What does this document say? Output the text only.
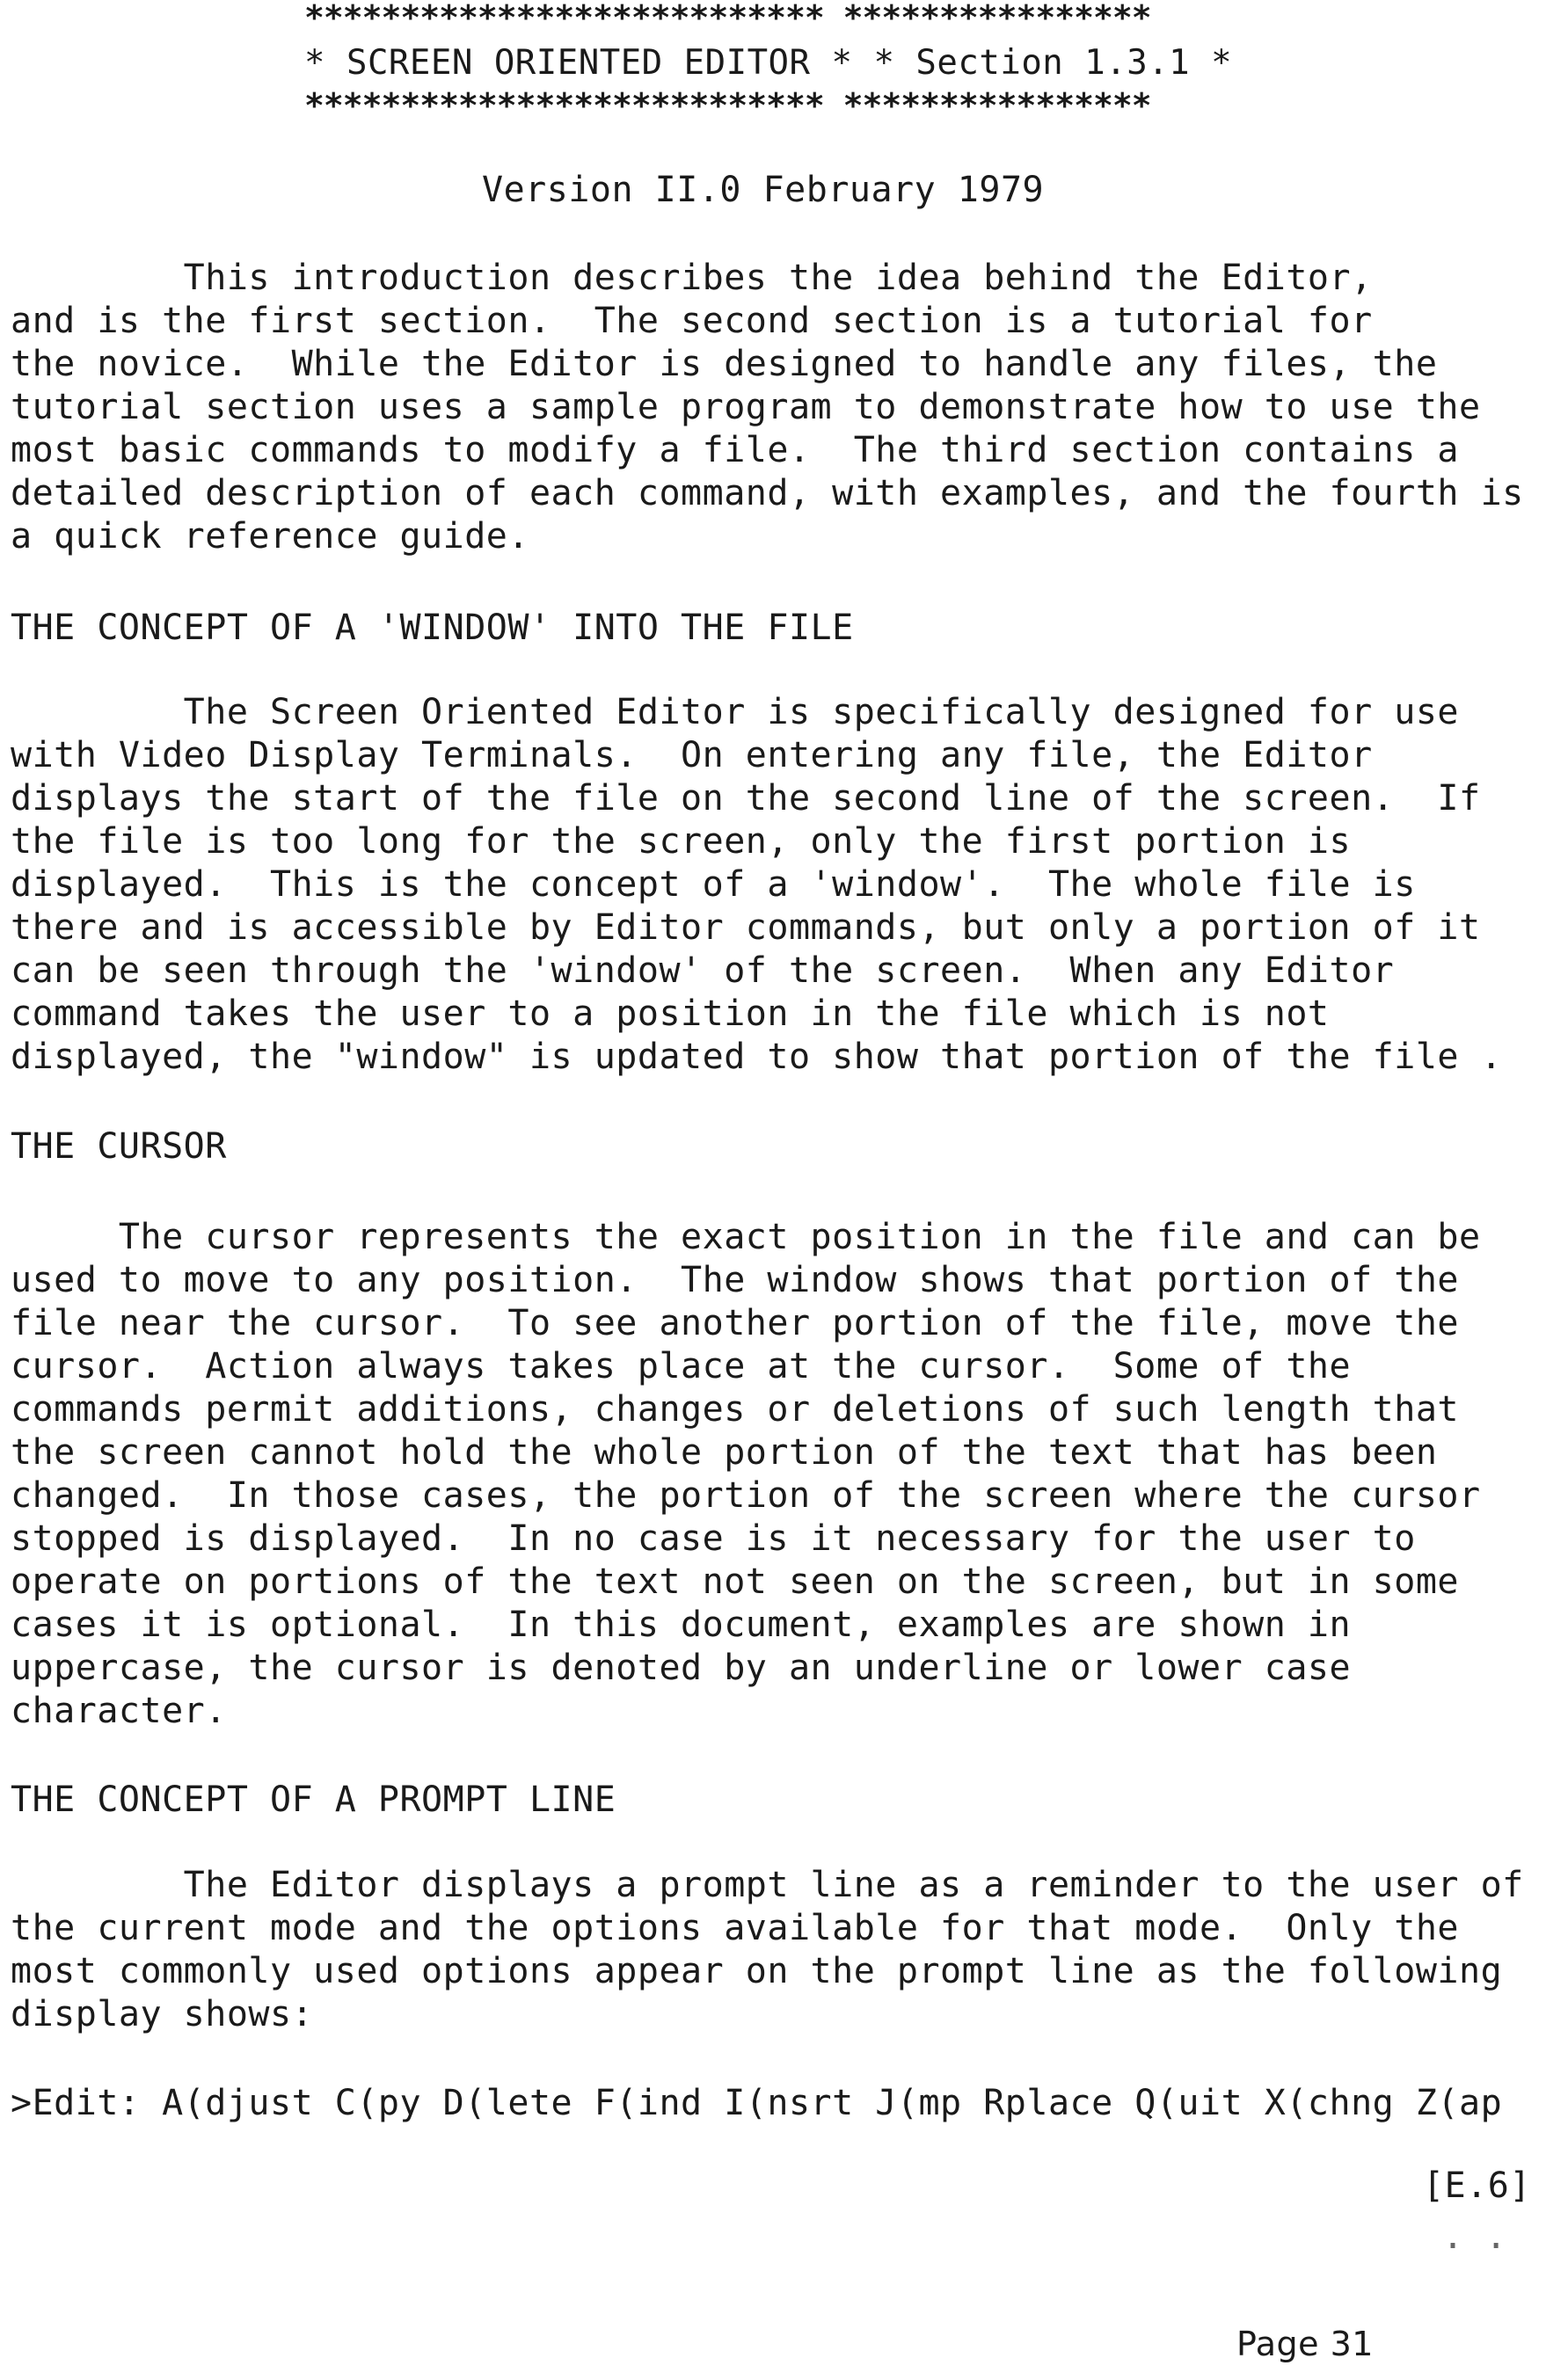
*************************** ****************
* SCREEN ORIENTED EDITOR * * Section 1.3.1 *
*************************** ****************
Version II.0 February 1979
This introduction describes the idea behind the Editor,
and is the first section.  The second section is a tutorial for
the novice.  While the Editor is designed to handle any files, the
tutorial section uses a sample program to demonstrate how to use the
most basic commands to modify a file.  The third section contains a
detailed description of each command, with examples, and the fourth is
a quick reference guide.
THE CONCEPT OF A 'WINDOW' INTO THE FILE
The Screen Oriented Editor is specifically designed for use
with Video Display Terminals.  On entering any file, the Editor
displays the start of the file on the second line of the screen.  If
the file is too long for the screen, only the first portion is
displayed.  This is the concept of a 'window'.  The whole file is
there and is accessible by Editor commands, but only a portion of it
can be seen through the 'window' of the screen.  When any Editor
command takes the user to a position in the file which is not
displayed, the "window" is updated to show that portion of the file .
THE CURSOR
The cursor represents the exact position in the file and can be
used to move to any position.  The window shows that portion of the
file near the cursor.  To see another portion of the file, move the
cursor.  Action always takes place at the cursor.  Some of the
commands permit additions, changes or deletions of such length that
the screen cannot hold the whole portion of the text that has been
changed.  In those cases, the portion of the screen where the cursor
stopped is displayed.  In no case is it necessary for the user to
operate on portions of the text not seen on the screen, but in some
cases it is optional.  In this document, examples are shown in
uppercase, the cursor is denoted by an underline or lower case
character.
THE CONCEPT OF A PROMPT LINE
The Editor displays a prompt line as a reminder to the user of
the current mode and the options available for that mode.  Only the
most commonly used options appear on the prompt line as the following
display shows:
>Edit: A(djust C(py D(lete F(ind I(nsrt J(mp Rplace Q(uit X(chng Z(ap
[E.6]
. .
Page 31
